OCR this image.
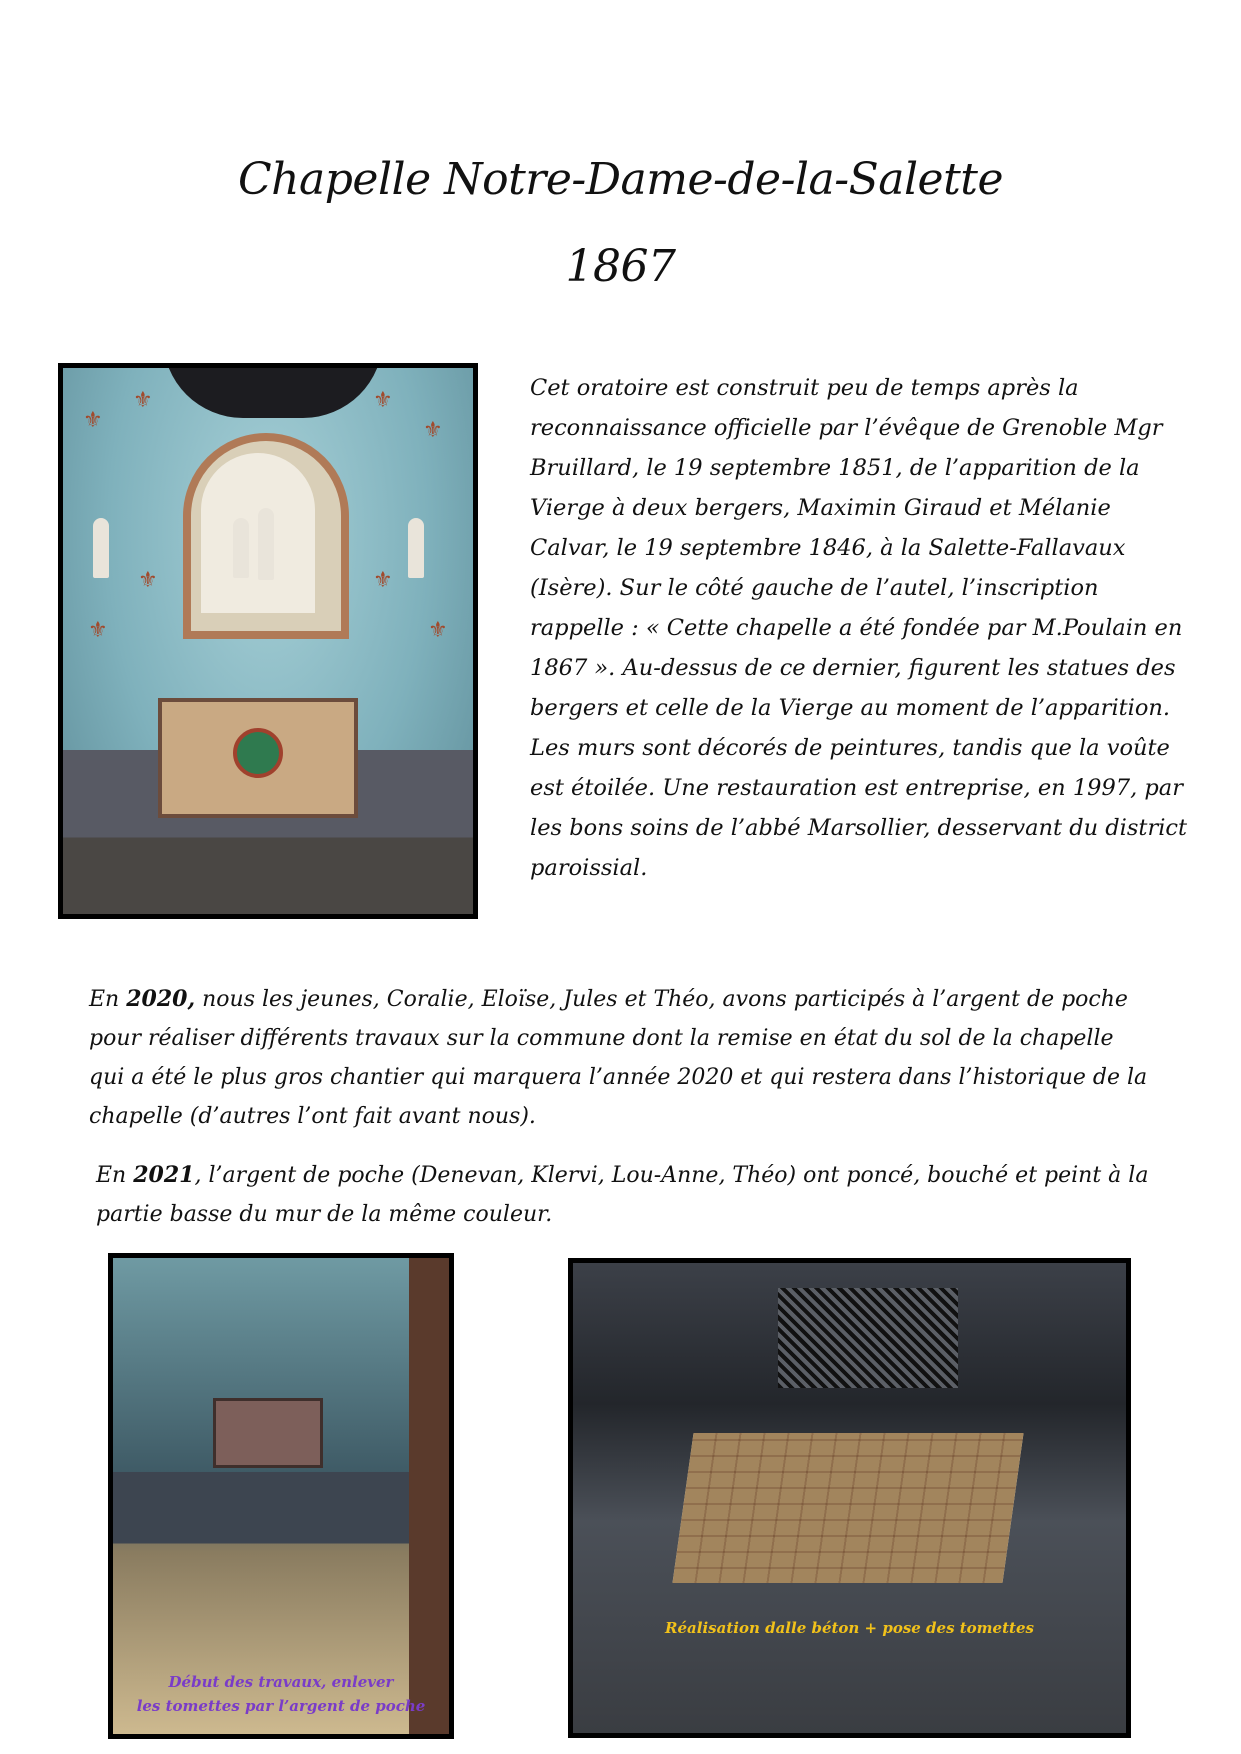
Chapelle Notre-Dame-de-la-Salette
1867
⚜
⚜	⚜
⚜
⚜
⚜	⚜
⚜

Cet oratoire est construit peu de temps après la reconnaissance officielle par l’évêque de Grenoble Mgr Bruillard, le 19 septembre 1851, de l’apparition de la Vierge à deux bergers, Maximin Giraud et Mélanie Calvar, le 19 septembre 1846, à la Salette-Fallavaux (Isère). Sur le côté gauche de l’autel, l’inscription rappelle : « Cette chapelle a été fondée par M.Poulain en 1867 ». Au-dessus de ce dernier, figurent les statues des bergers et celle de la Vierge au moment de l’apparition. Les murs sont décorés de peintures, tandis que la voûte est étoilée. Une restauration est entreprise, en 1997, par les bons soins de l’abbé Marsollier, desservant du district paroissial.

En 2020, nous les jeunes, Coralie, Eloïse, Jules et Théo, avons participés à l’argent de poche pour réaliser différents travaux sur la commune dont la remise en état du sol de la chapelle qui a été le plus gros chantier qui marquera l’année 2020 et qui restera dans l’historique de la chapelle (d’autres l’ont fait avant nous).

En 2021, l’argent de poche (Denevan, Klervi, Lou-Anne, Théo) ont poncé, bouché et peint à la partie basse du mur de la même couleur.

Début des travaux, enlever
les tomettes par l’argent de poche
Réalisation dalle béton + pose des tomettes
